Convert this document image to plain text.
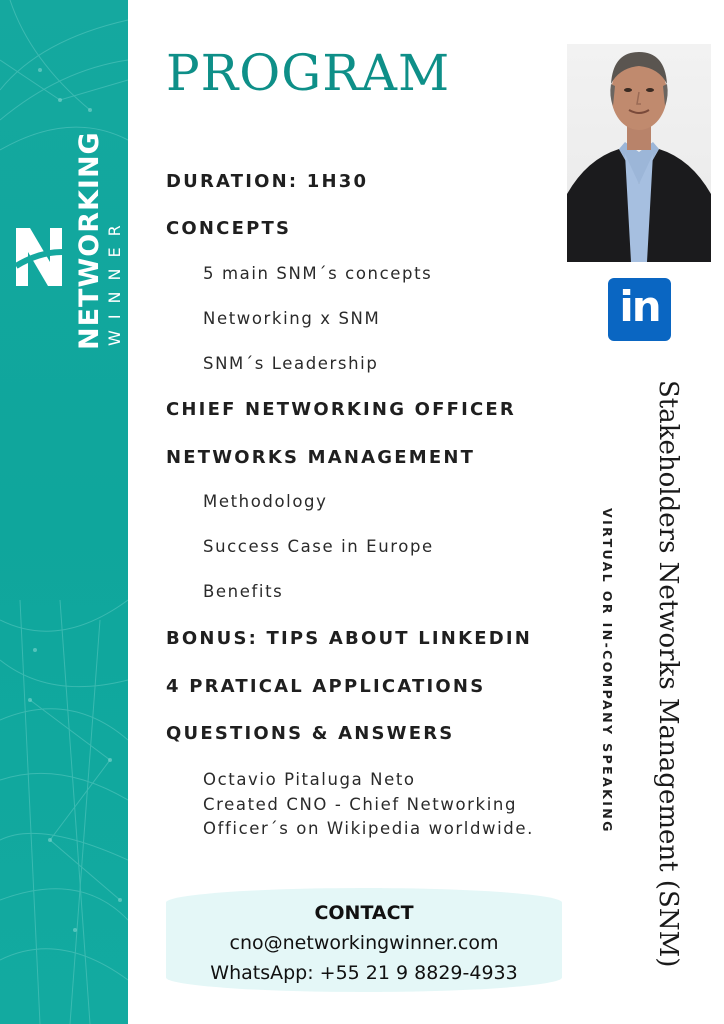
NETWORKING WINNER
PROGRAM
DURATION: 1H30
CONCEPTS
5 main SNM´s concepts
Networking x SNM
SNM´s Leadership
CHIEF NETWORKING OFFICER
NETWORKS MANAGEMENT
Methodology
Success Case in Europe
Benefits
BONUS: TIPS ABOUT LINKEDIN
4 PRATICAL APPLICATIONS
QUESTIONS & ANSWERS
Octavio Pitaluga Neto
Created CNO - Chief Networking
Officer´s on Wikipedia worldwide.
in
Stakeholders Networks Management (SNM)
VIRTUAL OR IN-COMPANY SPEAKING
CONTACT
cno@networkingwinner.com
WhatsApp: +55 21 9 8829-4933
